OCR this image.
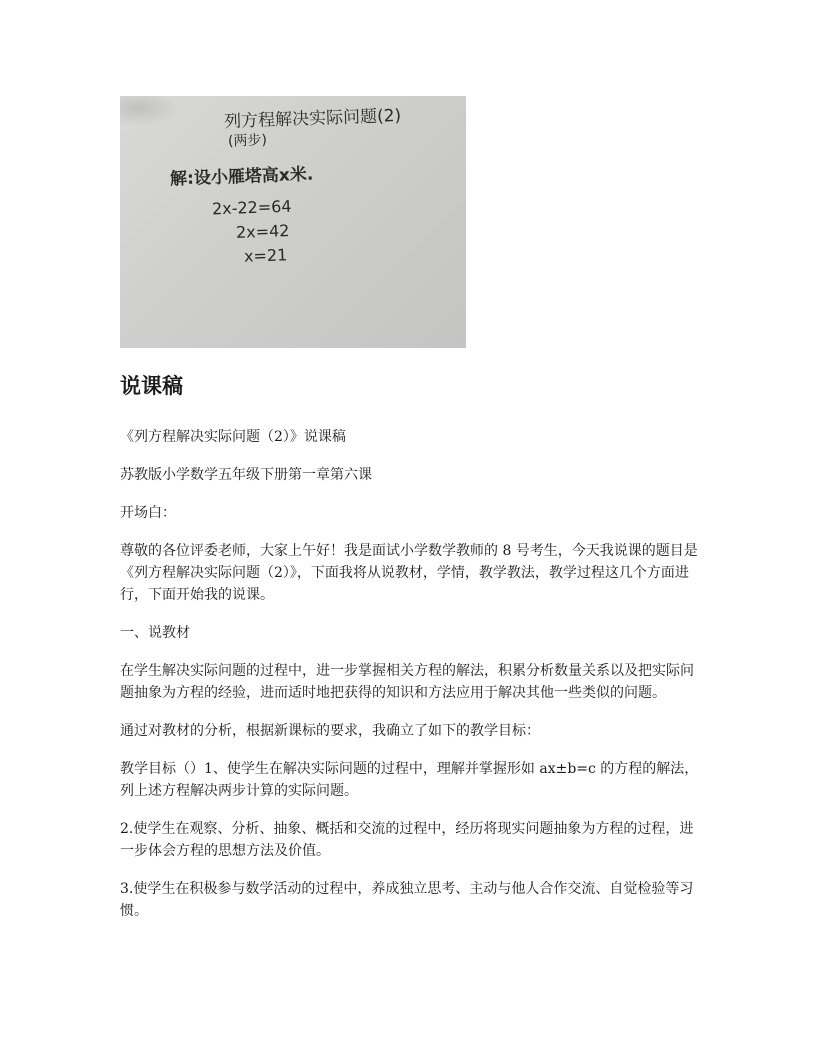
列方程解决实际问题(2)
(两步)
解:设小雁塔高x米.
2x-22=64
2x=42
x=21
说课稿

《列方程解决实际问题（2）》说课稿

苏教版小学数学五年级下册第一章第六课

开场白：

尊敬的各位评委老师，大家上午好！我是面试小学数学教师的 8 号考生，今天我说课的题目是《列方程解决实际问题（2）》，下面我将从说教材，学情，教学教法，教学过程这几个方面进行，下面开始我的说课。

一、说教材

在学生解决实际问题的过程中，进一步掌握相关方程的解法，积累分析数量关系以及把实际问题抽象为方程的经验，进而适时地把获得的知识和方法应用于解决其他一些类似的问题。

通过对教材的分析，根据新课标的要求，我确立了如下的教学目标：

教学目标（）1、使学生在解决实际问题的过程中，理解并掌握形如 ax±b=c 的方程的解法，列上述方程解决两步计算的实际问题。

2.使学生在观察、分析、抽象、概括和交流的过程中，经历将现实问题抽象为方程的过程，进一步体会方程的思想方法及价值。

3.使学生在积极参与数学活动的过程中，养成独立思考、主动与他人合作交流、自觉检验等习惯。
